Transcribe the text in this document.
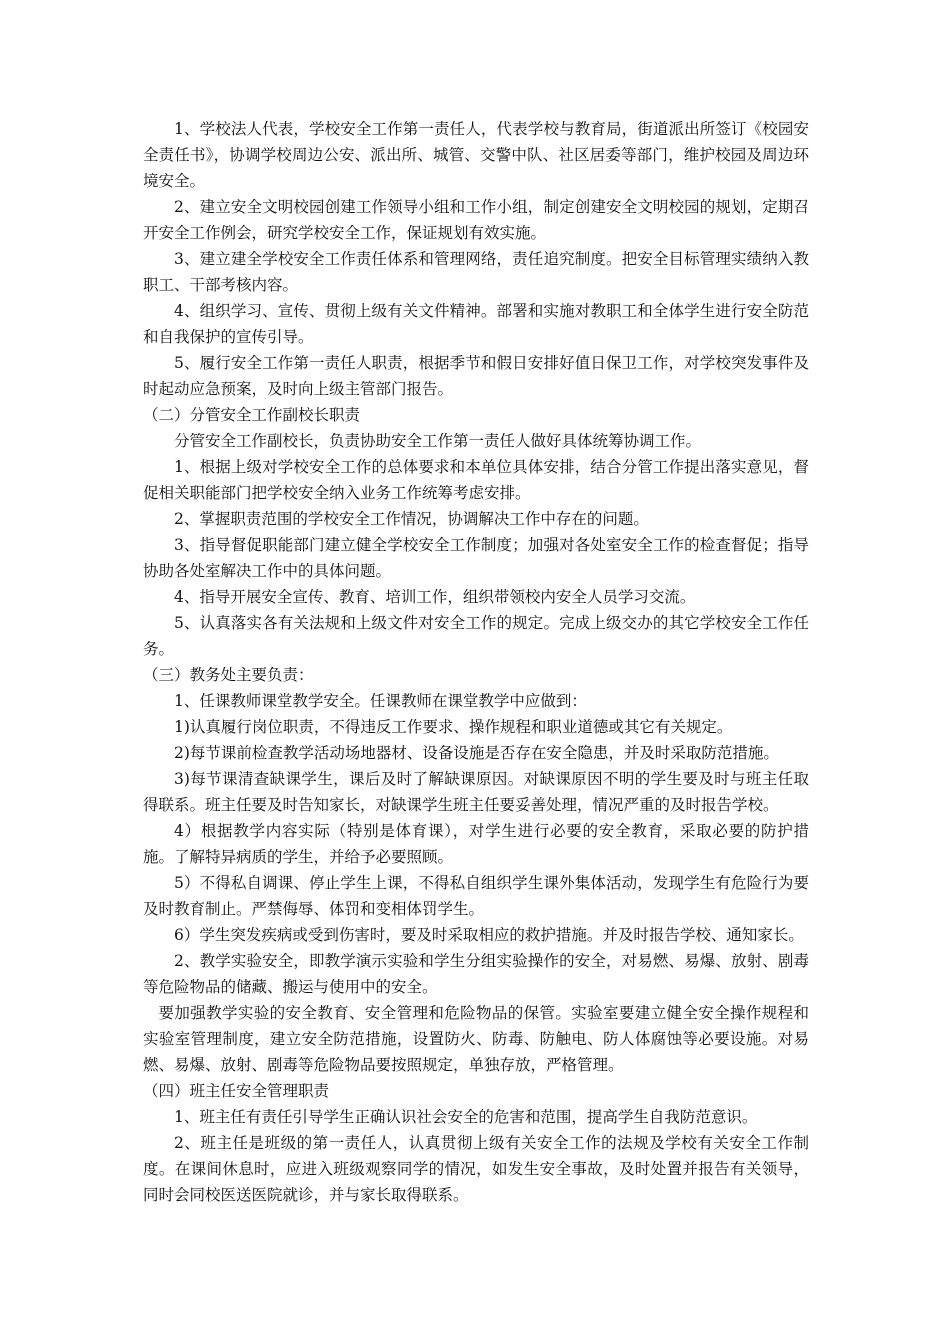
1、学校法人代表，学校安全工作第一责任人，代表学校与教育局，街道派出所签订《校园安全责任书》，协调学校周边公安、派出所、城管、交警中队、社区居委等部门，维护校园及周边环境安全。

2、建立安全文明校园创建工作领导小组和工作小组，制定创建安全文明校园的规划，定期召开安全工作例会，研究学校安全工作，保证规划有效实施。

3、建立建全学校安全工作责任体系和管理网络，责任追究制度。把安全目标管理实绩纳入教职工、干部考核内容。

4、组织学习、宣传、贯彻上级有关文件精神。部署和实施对教职工和全体学生进行安全防范和自我保护的宣传引导。

5、履行安全工作第一责任人职责，根据季节和假日安排好值日保卫工作，对学校突发事件及时起动应急预案，及时向上级主管部门报告。

（二）分管安全工作副校长职责

分管安全工作副校长，负责协助安全工作第一责任人做好具体统筹协调工作。

1、根据上级对学校安全工作的总体要求和本单位具体安排，结合分管工作提出落实意见，督促相关职能部门把学校安全纳入业务工作统筹考虑安排。

2、掌握职责范围的学校安全工作情况，协调解决工作中存在的问题。

3、指导督促职能部门建立健全学校安全工作制度；加强对各处室安全工作的检查督促；指导协助各处室解决工作中的具体问题。

4、指导开展安全宣传、教育、培训工作，组织带领校内安全人员学习交流。

5、认真落实各有关法规和上级文件对安全工作的规定。完成上级交办的其它学校安全工作任务。

（三）教务处主要负责：

1、任课教师课堂教学安全。任课教师在课堂教学中应做到：

1)认真履行岗位职责，不得违反工作要求、操作规程和职业道德或其它有关规定。

2)每节课前检查教学活动场地器材、设备设施是否存在安全隐患，并及时采取防范措施。

3)每节课清查缺课学生，课后及时了解缺课原因。对缺课原因不明的学生要及时与班主任取得联系。班主任要及时告知家长，对缺课学生班主任要妥善处理，情况严重的及时报告学校。

4）根据教学内容实际（特别是体育课），对学生进行必要的安全教育，采取必要的防护措施。了解特异病质的学生，并给予必要照顾。

5）不得私自调课、停止学生上课，不得私自组织学生课外集体活动，发现学生有危险行为要及时教育制止。严禁侮辱、体罚和变相体罚学生。

6）学生突发疾病或受到伤害时，要及时采取相应的救护措施。并及时报告学校、通知家长。

2、教学实验安全，即教学演示实验和学生分组实验操作的安全，对易燃、易爆、放射、剧毒等危险物品的储藏、搬运与使用中的安全。

要加强教学实验的安全教育、安全管理和危险物品的保管。实验室要建立健全安全操作规程和实验室管理制度，建立安全防范措施，设置防火、防毒、防触电、防人体腐蚀等必要设施。对易燃、易爆、放射、剧毒等危险物品要按照规定，单独存放，严格管理。

（四）班主任安全管理职责

1、班主任有责任引导学生正确认识社会安全的危害和范围，提高学生自我防范意识。

2、班主任是班级的第一责任人，认真贯彻上级有关安全工作的法规及学校有关安全工作制度。在课间休息时，应进入班级观察同学的情况，如发生安全事故，及时处置并报告有关领导，同时会同校医送医院就诊，并与家长取得联系。
